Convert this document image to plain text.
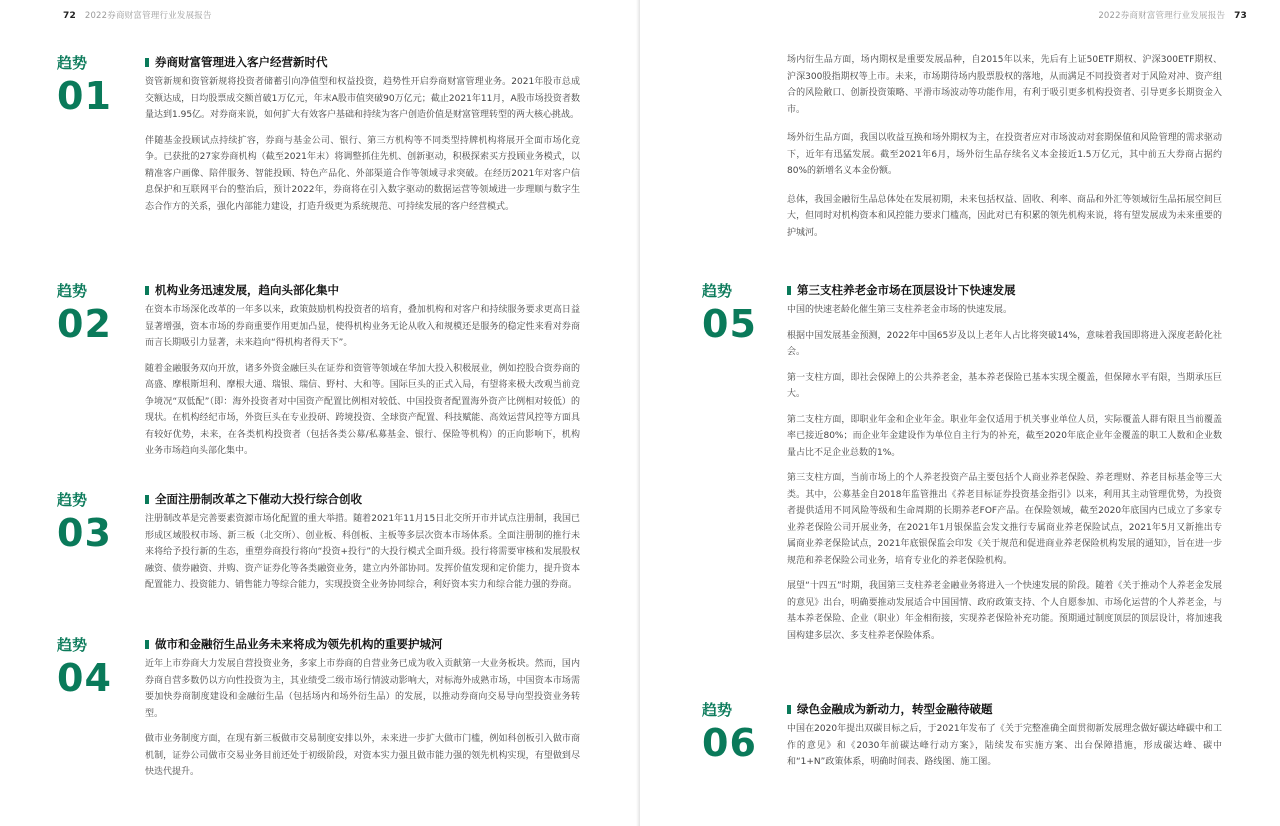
72 2022券商财富管理行业发展报告
趋势
01
券商财富管理进入客户经营新时代

资管新规和资管新规将投资者储蓄引向净值型和权益投资，趋势性开启券商财富管理业务。2021年股市总成交额达成，日均股票成交额首破1万亿元，年末A股市值突破90万亿元；截止2021年11月，A股市场投资者数量达到1.95亿。对券商来说，如何扩大有效客户基础和持续为客户创造价值是财富管理转型的两大核心挑战。

伴随基金投顾试点持续扩容，券商与基金公司、银行、第三方机构等不同类型持牌机构将展开全面市场化竞争。已获批的27家券商机构（截至2021年末）将调整抓住先机、创新驱动，积极探索买方投顾业务模式，以精准客户画像、陪伴服务、智能投顾、特色产品化、外部渠道合作等领域寻求突破。在经历2021年对客户信息保护和互联网平台的整治后，预计2022年，券商将在引入数字驱动的数据运营等领域进一步理顺与数字生态合作方的关系，强化内部能力建设，打造升级更为系统规范、可持续发展的客户经营模式。

趋势
02
机构业务迅速发展，趋向头部化集中

在资本市场深化改革的一年多以来，政策鼓励机构投资者的培育，叠加机构和对客户和持续服务要求更高日益显著增强，资本市场的券商重要作用更加凸显，使得机构业务无论从收入和规模还是服务的稳定性来看对券商而言长期吸引力显著，未来趋向“得机构者得天下”。

随着金融服务双向开放，诸多外资金融巨头在证券和资管等领域在华加大投入积极展业，例如控股合资券商的高盛、摩根斯坦利、摩根大通、瑞银、瑞信、野村、大和等。国际巨头的正式入局，有望将来极大改观当前竞争境况“双低配”（即：海外投资者对中国资产配置比例相对较低、中国投资者配置海外资产比例相对较低）的现状。在机构经纪市场，外资巨头在专业投研、跨境投资、全球资产配置、科技赋能、高效运营风控等方面具有较好优势，未来，在各类机构投资者（包括各类公募/私募基金、银行、保险等机构）的正向影响下，机构业务市场趋向头部化集中。

趋势
03
全面注册制改革之下催动大投行综合创收

注册制改革是完善要素资源市场化配置的重大举措。随着2021年11月15日北交所开市并试点注册制，我国已形成区域股权市场、新三板（北交所）、创业板、科创板、主板等多层次资本市场体系。全面注册制的推行未来将给予投行新的生态，重塑券商投行将向“投资+投行”的大投行模式全面升级。投行将需要审核和发展股权融资、债券融资、并购、资产证券化等各类融资业务，建立内外部协同。发挥价值发现和定价能力，提升资本配置能力、投资能力、销售能力等综合能力，实现投资全业务协同综合，利好资本实力和综合能力强的券商。

趋势
04
做市和金融衍生品业务未来将成为领先机构的重要护城河

近年上市券商大力发展自营投资业务，多家上市券商的自营业务已成为收入贡献第一大业务板块。然而，国内券商自营多数仍以方向性投资为主，其业绩受二级市场行情波动影响大，对标海外成熟市场，中国资本市场需要加快券商制度建设和金融衍生品（包括场内和场外衍生品）的发展，以推动券商向交易导向型投资业务转型。

做市业务制度方面，在现有新三板做市交易制度安排以外，未来进一步扩大做市门槛，例如科创板引入做市商机制，证券公司做市交易业务目前还处于初级阶段，对资本实力强且做市能力强的领先机构实现，有望做到尽快迭代提升。

2022券商财富管理行业发展报告 73

场内衍生品方面，场内期权是重要发展品种，自2015年以来，先后有上证50ETF期权、沪深300ETF期权、沪深300股指期权等上市。未来，市场期待场内股票股权的落地，从而满足不同投资者对于风险对冲、资产组合的风险敞口、创新投资策略、平滑市场波动等功能作用，有利于吸引更多机构投资者、引导更多长期资金入市。

场外衍生品方面，我国以收益互换和场外期权为主，在投资者应对市场波动对套期保值和风险管理的需求驱动下，近年有迅猛发展。截至2021年6月，场外衍生品存续名义本金接近1.5万亿元，其中前五大券商占据约80%的新增名义本金份额。

总体，我国金融衍生品总体处在发展初期，未来包括权益、固收、利率、商品和外汇等领域衍生品拓展空间巨大，但同时对机构资本和风控能力要求门槛高，因此对已有积累的领先机构来说，将有望发展成为未来重要的护城河。

趋势
05
第三支柱养老金市场在顶层设计下快速发展

中国的快速老龄化催生第三支柱养老金市场的快速发展。

根据中国发展基金预测，2022年中国65岁及以上老年人占比将突破14%，意味着我国即将进入深度老龄化社会。

第一支柱方面，即社会保障上的公共养老金，基本养老保险已基本实现全覆盖，但保障水平有限，当期承压巨大。

第二支柱方面，即职业年金和企业年金。职业年金仅适用于机关事业单位人员，实际覆盖人群有限且当前覆盖率已接近80%；而企业年金建设作为单位自主行为的补充，截至2020年底企业年金覆盖的职工人数和企业数量占比不足企业总数的1%。

第三支柱方面，当前市场上的个人养老投资产品主要包括个人商业养老保险、养老理财、养老目标基金等三大类。其中，公募基金自2018年监管推出《养老目标证券投资基金指引》以来，利用其主动管理优势，为投资者提供适用不同风险等级和生命周期的长期养老FOF产品。在保险领域，截至2020年底国内已成立了多家专业养老保险公司开展业务，在2021年1月银保监会发文推行专属商业养老保险试点，2021年5月又新推出专属商业养老保险试点，2021年底银保监会印发《关于规范和促进商业养老保险机构发展的通知》，旨在进一步规范和养老保险公司业务，培育专业化的养老保险机构。

展望“十四五”时期，我国第三支柱养老金融业务将进入一个快速发展的阶段。随着《关于推动个人养老金发展的意见》出台，明确要推动发展适合中国国情、政府政策支持、个人自愿参加、市场化运营的个人养老金，与基本养老保险、企业（职业）年金相衔接，实现养老保险补充功能。预期通过制度顶层的顶层设计，将加速我国构建多层次、多支柱养老保险体系。

趋势
06
绿色金融成为新动力，转型金融待破题

中国在2020年提出双碳目标之后，于2021年发布了《关于完整准确全面贯彻新发展理念做好碳达峰碳中和工作的意见》和《2030年前碳达峰行动方案》，陆续发布实施方案、出台保障措施，形成碳达峰、碳中和“1+N”政策体系，明确时间表、路线图、施工图。
